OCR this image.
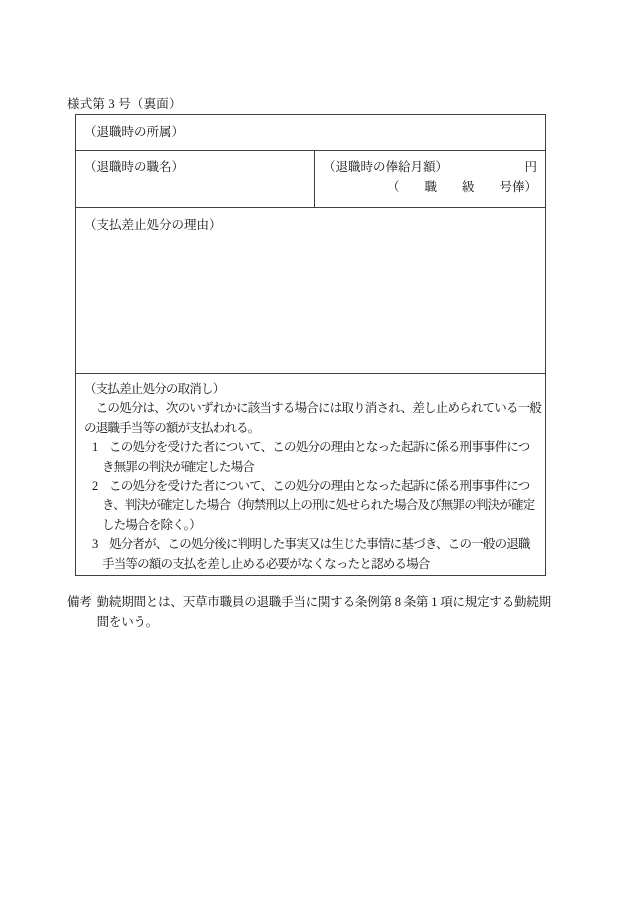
様式第 3 号（裏面）
（退職時の所属）
（退職時の職名）	（退職時の俸給月額）	円
（　　職　　級　　号俸）
（支払差止処分の理由）
（支払差止処分の取消し）
　この処分は、次のいずれかに該当する場合には取り消され、差し止められている一般
の退職手当等の額が支払われる。
1 この処分を受けた者について、この処分の理由となった起訴に係る刑事事件につ
き無罪の判決が確定した場合
2 この処分を受けた者について、この処分の理由となった起訴に係る刑事事件につ
き、判決が確定した場合（拘禁刑以上の刑に処せられた場合及び無罪の判決が確定
した場合を除く。）
3 処分者が、この処分後に判明した事実又は生じた事情に基づき、この一般の退職
手当等の額の支払を差し止める必要がなくなったと認める場合
備考 勤続期間とは、天草市職員の退職手当に関する条例第 8 条第 1 項に規定する勤続期
間をいう。
